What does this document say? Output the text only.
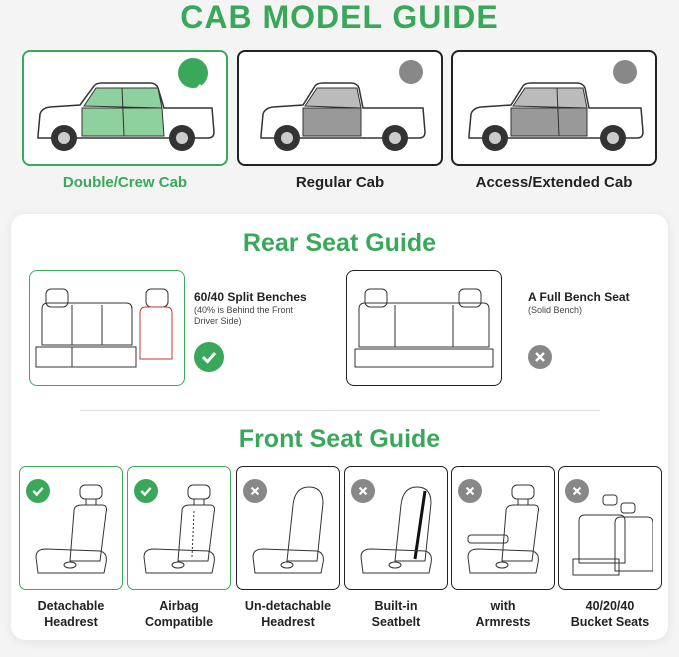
CAB MODEL GUIDE
Double/Crew Cab	Regular Cab	Access/Extended Cab
Rear Seat Guide
60/40 Split Benches
(40% is Behind the Front
Driver Side)
A Full Bench Seat
(Solid Bench)
Front Seat Guide
Detachable
Headrest
Airbag
Compatible
Un-detachable
Headrest
Built-in
Seatbelt
with
Armrests
40/20/40
Bucket Seats
